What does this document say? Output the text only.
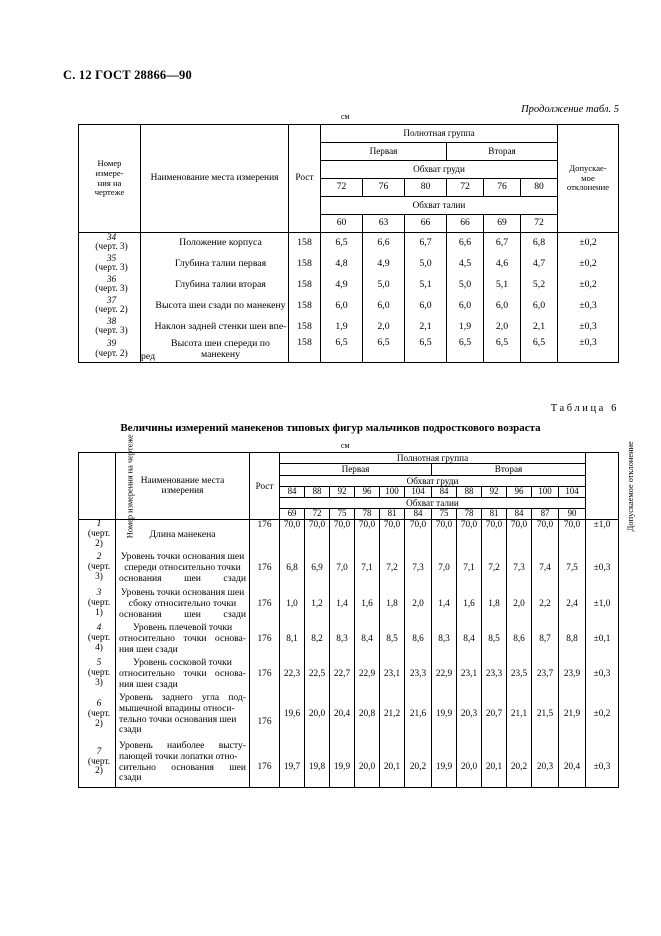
С. 12 ГОСТ 28866—90
Продолжение табл. 5
см
Номер
измере-
ния на
чертеже
	Наименование места измерения	Рост	Полнотная группа	
Допускае-
мое
отклонение

			Первая			Вторая			
			Обхват груди						
			72	76	80	72	76	80	
			Обхват талии						
			60	63	66	66	69	72	

34
(черт. 3)	Положение корпуса	158	6,5	6,6	6,7	6,6	6,7	6,8	±0,2

35
(черт. 3)	Глубина талии первая	158	4,8	4,9	5,0	4,5	4,6	4,7	±0,2

36
(черт. 3)	Глубина талии вторая	158	4,9	5,0	5,1	5,0	5,1	5,2	±0,2

37
(черт. 2)	Высота шеи сзади по манекену	158	6,0	6,0	6,0	6,0	6,0	6,0	±0,3

38
(черт. 3)	Наклон задней стенки шеи впе-	158	1,9	2,0	2,1	1,9	2,0	2,1	±0,3

39
(черт. 2)	Высота шеи спереди по манекену	158	6,5	6,5	6,5	6,5	6,5	6,5	±0,3
ред
Таблица 6
Величины измерений манекенов типовых фигур мальчиков подросткового возраста
см
Номер измерения на чертеже	Наименование места
измерения	Рост	Полнотная группа												Допускаемое отклонение
			Первая						Вторая						
			Обхват груди												
			84	88	92	96	100	104	84	88	92	96	100	104	
			Обхват талии												
			69	72	75	78	81	84	75	78	81	84	87	90	

1
(черт. 2)	Длина манекена	176	70,0	70,0	70,0	70,0	70,0	70,0	70,0	70,0	70,0	70,0	70,0	70,0	±1,0

2
(черт. 3)	Уровень точки основания шеи спереди относительно точки основания шеи сзади	176	6,8	6,9	7,0	7,1	7,2	7,3	7,0	7,1	7,2	7,3	7,4	7,5	±0,3

3
(черт. 1)	Уровень точки основания шеи сбоку относительно точки основания шеи сзади	176	1,0	1,2	1,4	1,6	1,8	2,0	1,4	1,6	1,8	2,0	2,2	2,4	±1,0

4
(черт. 4)	Уровень плечевой точки относительно точки основа-
ния шеи сзади	176	8,1	8,2	8,3	8,4	8,5	8,6	8,3	8,4	8,5	8,6	8,7	8,8	±0,1

5
(черт. 3)	Уровень сосковой точки относительно точки основа-
ния шеи сзади	176	22,3	22,5	22,7	22,9	23,1	23,3	22,9	23,1	23,3	23,5	23,7	23,9	±0,3

6
(черт. 2)	Уровень заднего угла под-
мышечной впадины относи-
тельно точки основания шеи
сзади	176	19,6	20,0	20,4	20,8	21,2	21,6	19,9	20,3	20,7	21,1	21,5	21,9	±0,2

7
(черт. 2)	Уровень наиболее высту-
пающей точки лопатки отно-
сительно основания шеи
сзади	176	19,7	19,8	19,9	20,0	20,1	20,2	19,9	20,0	20,1	20,2	20,3	20,4	±0,3
